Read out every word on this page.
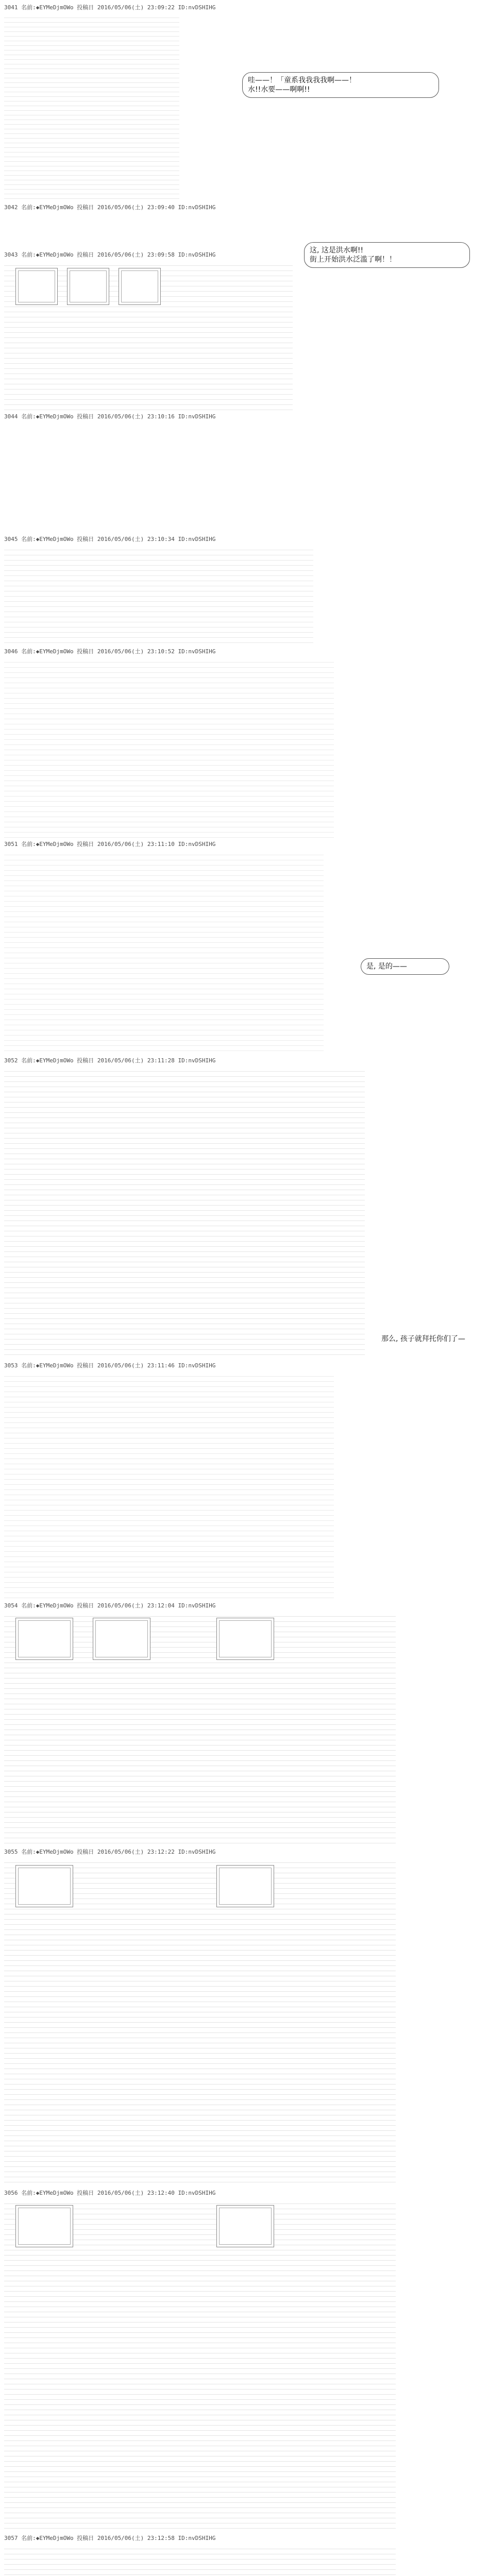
3041 名前:◆EYMeDjmOWo 投稿日 2016/05/06(土) 23:09:22 ID:nvDSHIHG
3042 名前:◆EYMeDjmOWo 投稿日 2016/05/06(土) 23:09:40 ID:nvDSHIHG
3043 名前:◆EYMeDjmOWo 投稿日 2016/05/06(土) 23:09:58 ID:nvDSHIHG
3044 名前:◆EYMeDjmOWo 投稿日 2016/05/06(土) 23:10:16 ID:nvDSHIHG
3045 名前:◆EYMeDjmOWo 投稿日 2016/05/06(土) 23:10:34 ID:nvDSHIHG
3046 名前:◆EYMeDjmOWo 投稿日 2016/05/06(土) 23:10:52 ID:nvDSHIHG
3051 名前:◆EYMeDjmOWo 投稿日 2016/05/06(土) 23:11:10 ID:nvDSHIHG
3052 名前:◆EYMeDjmOWo 投稿日 2016/05/06(土) 23:11:28 ID:nvDSHIHG
3053 名前:◆EYMeDjmOWo 投稿日 2016/05/06(土) 23:11:46 ID:nvDSHIHG
3054 名前:◆EYMeDjmOWo 投稿日 2016/05/06(土) 23:12:04 ID:nvDSHIHG
3055 名前:◆EYMeDjmOWo 投稿日 2016/05/06(土) 23:12:22 ID:nvDSHIHG
3056 名前:◆EYMeDjmOWo 投稿日 2016/05/06(土) 23:12:40 ID:nvDSHIHG
3057 名前:◆EYMeDjmOWo 投稿日 2016/05/06(土) 23:12:58 ID:nvDSHIHG
哇——！「童系我我我我啊——！
水!!水要——啊啊!!
这, 这是洪水啊!!
街上开始洪水泛滥了啊！！
是, 是的——
那么, 孩子就拜托你们了—
